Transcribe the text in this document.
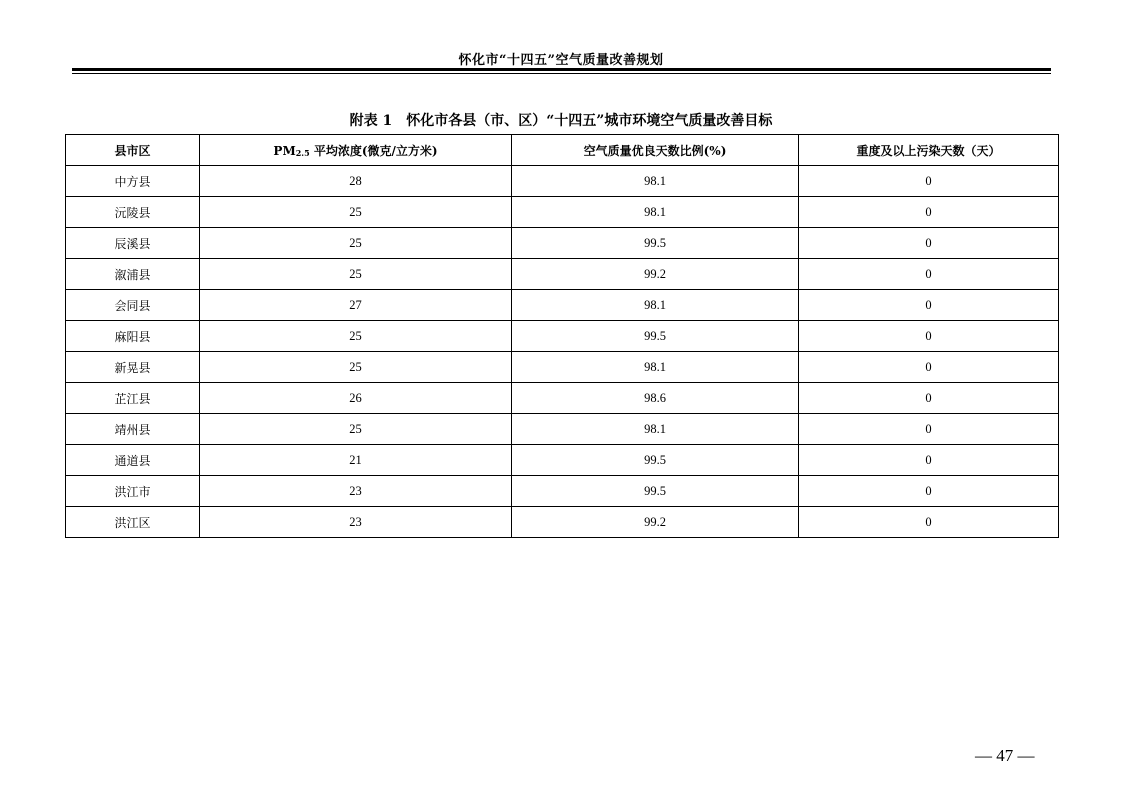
怀化市“十四五”空气质量改善规划
附表 1　怀化市各县（市、区）“十四五”城市环境空气质量改善目标
县市区	$PM_{2.5}$ 平均浓度(微克/立方米)	空气质量优良天数比例(%)	重度及以上污染天数（天）
中方县	28	98.1	0
沅陵县	25	98.1	0
辰溪县	25	99.5	0
溆浦县	25	99.2	0
会同县	27	98.1	0
麻阳县	25	99.5	0
新晃县	25	98.1	0
芷江县	26	98.6	0
靖州县	25	98.1	0
通道县	21	99.5	0
洪江市	23	99.5	0
洪江区	23	99.2	0
— 47 —
